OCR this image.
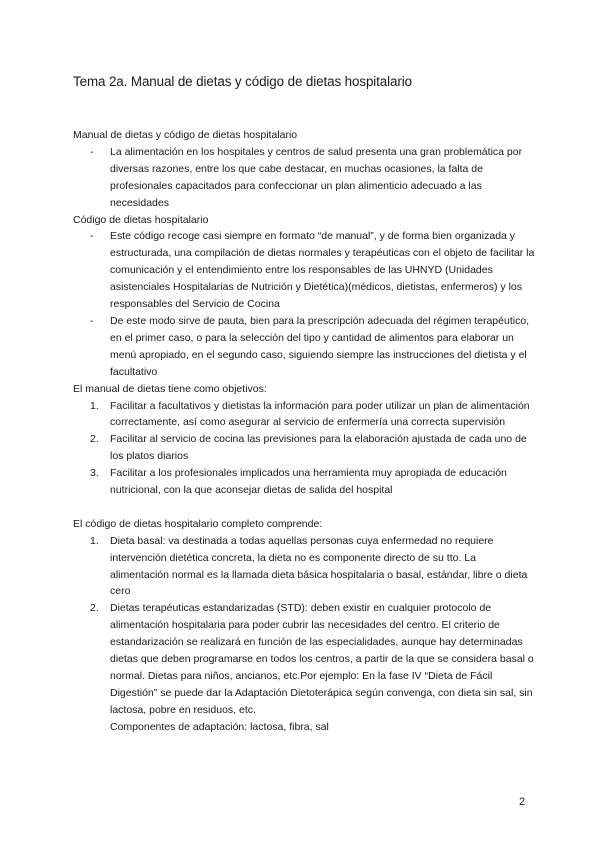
Tema 2a. Manual de dietas y código de dietas hospitalario

Manual de dietas y código de dietas hospitalario

- La alimentación en los hospitales y centros de salud presenta una gran problemática por diversas razones, entre los que cabe destacar, en muchas ocasiones, la falta de profesionales capacitados para confeccionar un plan alimenticio adecuado a las necesidades

Código de dietas hospitalario

- Este código recoge casi siempre en formato “de manual”, y de forma bien organizada y estructurada, una compilación de dietas normales y terapéuticas con el objeto de facilitar la comunicación y el entendimiento entre los responsables de las UHNYD (Unidades asistenciales Hospitalarias de Nutrición y Dietética)(médicos, dietistas, enfermeros) y los responsables del Servicio de Cocina
- De este modo sirve de pauta, bien para la prescripción adecuada del régimen terapéutico, en el primer caso, o para la selección del tipo y cantidad de alimentos para elaborar un menú apropiado, en el segundo caso, siguiendo siempre las instrucciones del dietista y el facultativo

El manual de dietas tiene como objetivos:

1. Facilitar a facultativos y dietistas la información para poder utilizar un plan de alimentación correctamente, así como asegurar al servicio de enfermería una correcta supervisión
2. Facilitar al servicio de cocina las previsiones para la elaboración ajustada de cada uno de los platos diarios
3. Facilitar a los profesionales implicados una herramienta muy apropiada de educación nutricional, con la que aconsejar dietas de salida del hospital

El código de dietas hospitalario completo comprende:

1. Dieta basal: va destinada a todas aquellas personas cuya enfermedad no requiere intervención dietética concreta, la dieta no es componente directo de su tto. La alimentación normal es la llamada dieta básica hospitalaria o basal, estándar, libre o dieta cero
2. Dietas terapéuticas estandarizadas (STD): deben existir en cualquier protocolo de alimentación hospitalaria para poder cubrir las necesidades del centro. El criterio de estandarización se realizará en función de las especialidades, aunque hay determinadas dietas que deben programarse en todos los centros, a partir de la que se considera basal o normal. Dietas para niños, ancianos, etc.Por ejemplo: En la fase IV “Dieta de Fácil Digestión” se puede dar la Adaptación Dietoterápica según convenga, con dieta sin sal, sin lactosa, pobre en residuos, etc.
Componentes de adaptación: lactosa, fibra, sal
2
